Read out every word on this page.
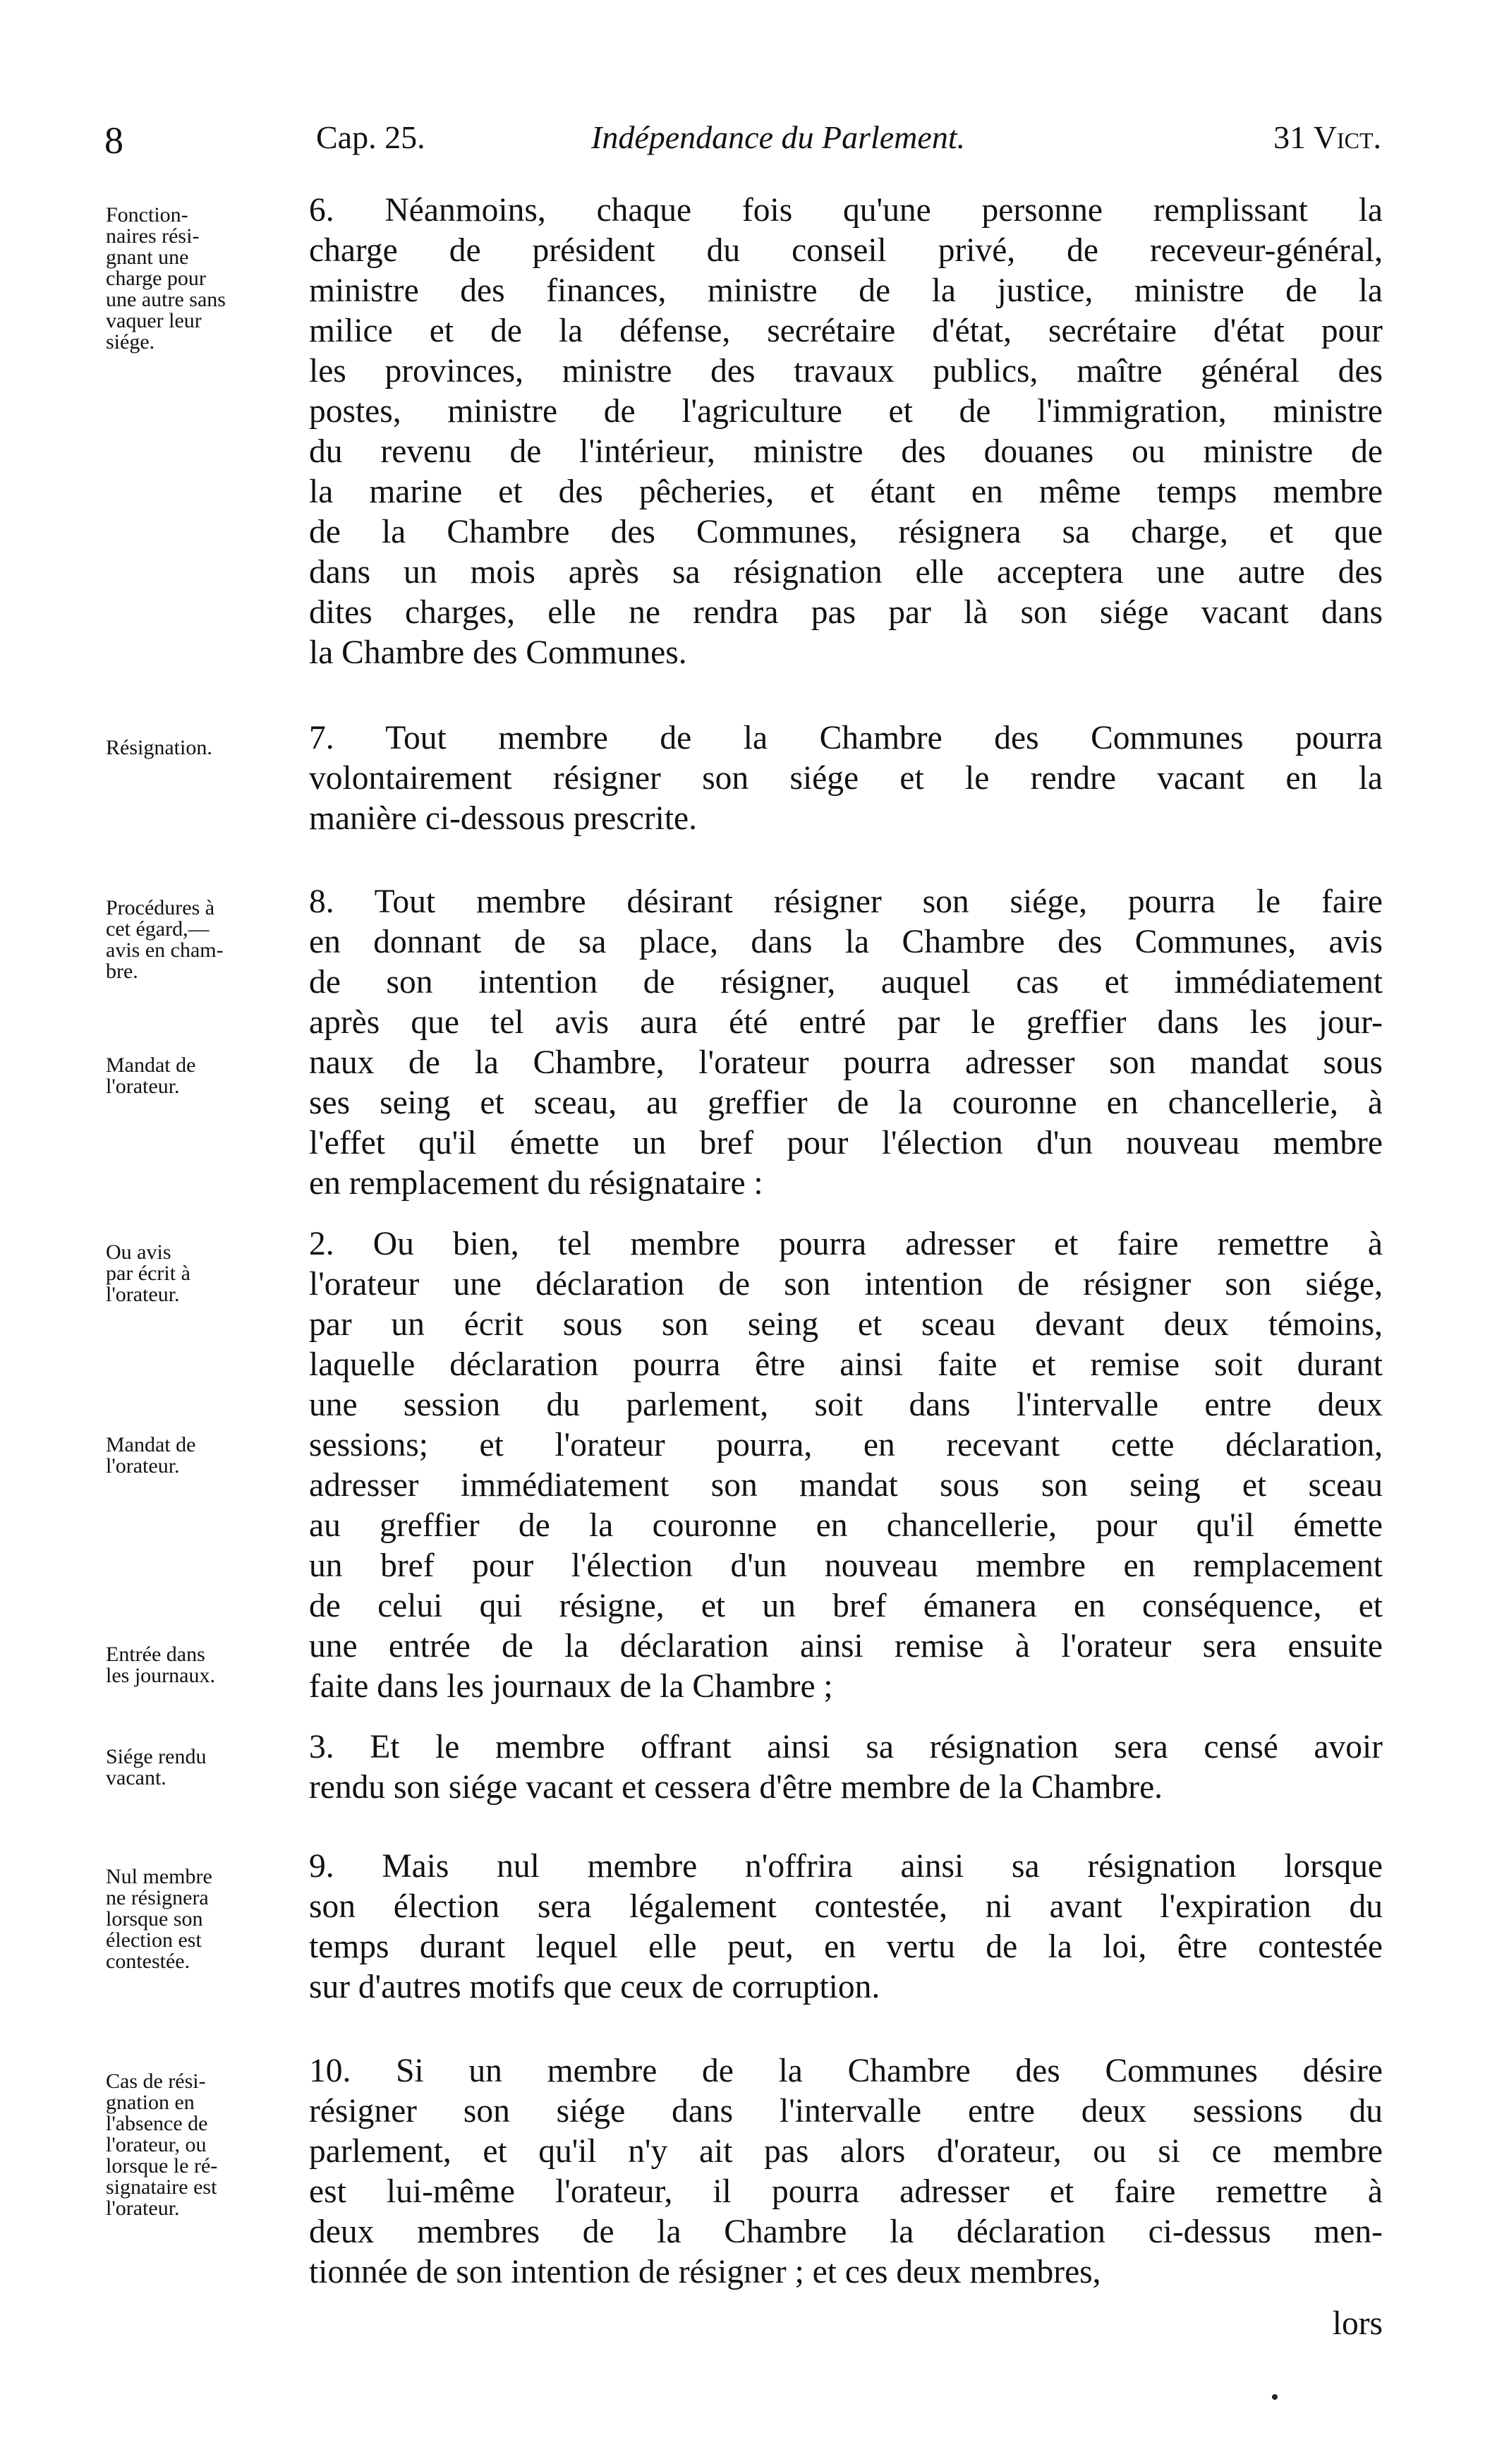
8	Cap. 25.	Indépendance du Parlement.	31 Vict.
Fonction-
naires rési-
gnant une
charge pour
une autre sans
vaquer leur
siége.
Résignation.
Procédures à
cet égard,—
avis en cham-
bre.
Mandat de
l'orateur.
Ou avis
par écrit à
l'orateur.
Mandat de
l'orateur.
Entrée dans
les journaux.
Siége rendu
vacant.
Nul membre
ne résignera
lorsque son
élection est
contestée.
Cas de rési-
gnation en
l'absence de
l'orateur, ou
lorsque le ré-
signataire est
l'orateur.
6. Néanmoins, chaque fois qu'une personne remplissant la
charge de président du conseil privé, de receveur-général,
ministre des finances, ministre de la justice, ministre de la
milice et de la défense, secrétaire d'état, secrétaire d'état pour
les provinces, ministre des travaux publics, maître général des
postes, ministre de l'agriculture et de l'immigration, ministre
du revenu de l'intérieur, ministre des douanes ou ministre de
la marine et des pêcheries, et étant en même temps membre
de la Chambre des Communes, résignera sa charge, et que
dans un mois après sa résignation elle acceptera une autre des
dites charges, elle ne rendra pas par là son siége vacant dans
la Chambre des Communes.
7. Tout membre de la Chambre des Communes pourra
volontairement résigner son siége et le rendre vacant en la
manière ci-dessous prescrite.
8. Tout membre désirant résigner son siége, pourra le faire
en donnant de sa place, dans la Chambre des Communes, avis
de son intention de résigner, auquel cas et immédiatement
après que tel avis aura été entré par le greffier dans les jour-
naux de la Chambre, l'orateur pourra adresser son mandat sous
ses seing et sceau, au greffier de la couronne en chancellerie, à
l'effet qu'il émette un bref pour l'élection d'un nouveau membre
en remplacement du résignataire :
2. Ou bien, tel membre pourra adresser et faire remettre à
l'orateur une déclaration de son intention de résigner son siége,
par un écrit sous son seing et sceau devant deux témoins,
laquelle déclaration pourra être ainsi faite et remise soit durant
une session du parlement, soit dans l'intervalle entre deux
sessions; et l'orateur pourra, en recevant cette déclaration,
adresser immédiatement son mandat sous son seing et sceau
au greffier de la couronne en chancellerie, pour qu'il émette
un bref pour l'élection d'un nouveau membre en remplacement
de celui qui résigne, et un bref émanera en conséquence, et
une entrée de la déclaration ainsi remise à l'orateur sera ensuite
faite dans les journaux de la Chambre ;
3. Et le membre offrant ainsi sa résignation sera censé avoir
rendu son siége vacant et cessera d'être membre de la Chambre.
9. Mais nul membre n'offrira ainsi sa résignation lorsque
son élection sera légalement contestée, ni avant l'expiration du
temps durant lequel elle peut, en vertu de la loi, être contestée
sur d'autres motifs que ceux de corruption.
10. Si un membre de la Chambre des Communes désire
résigner son siége dans l'intervalle entre deux sessions du
parlement, et qu'il n'y ait pas alors d'orateur, ou si ce membre
est lui-même l'orateur, il pourra adresser et faire remettre à
deux membres de la Chambre la déclaration ci-dessus men-
tionnée de son intention de résigner ; et ces deux membres,
lors
